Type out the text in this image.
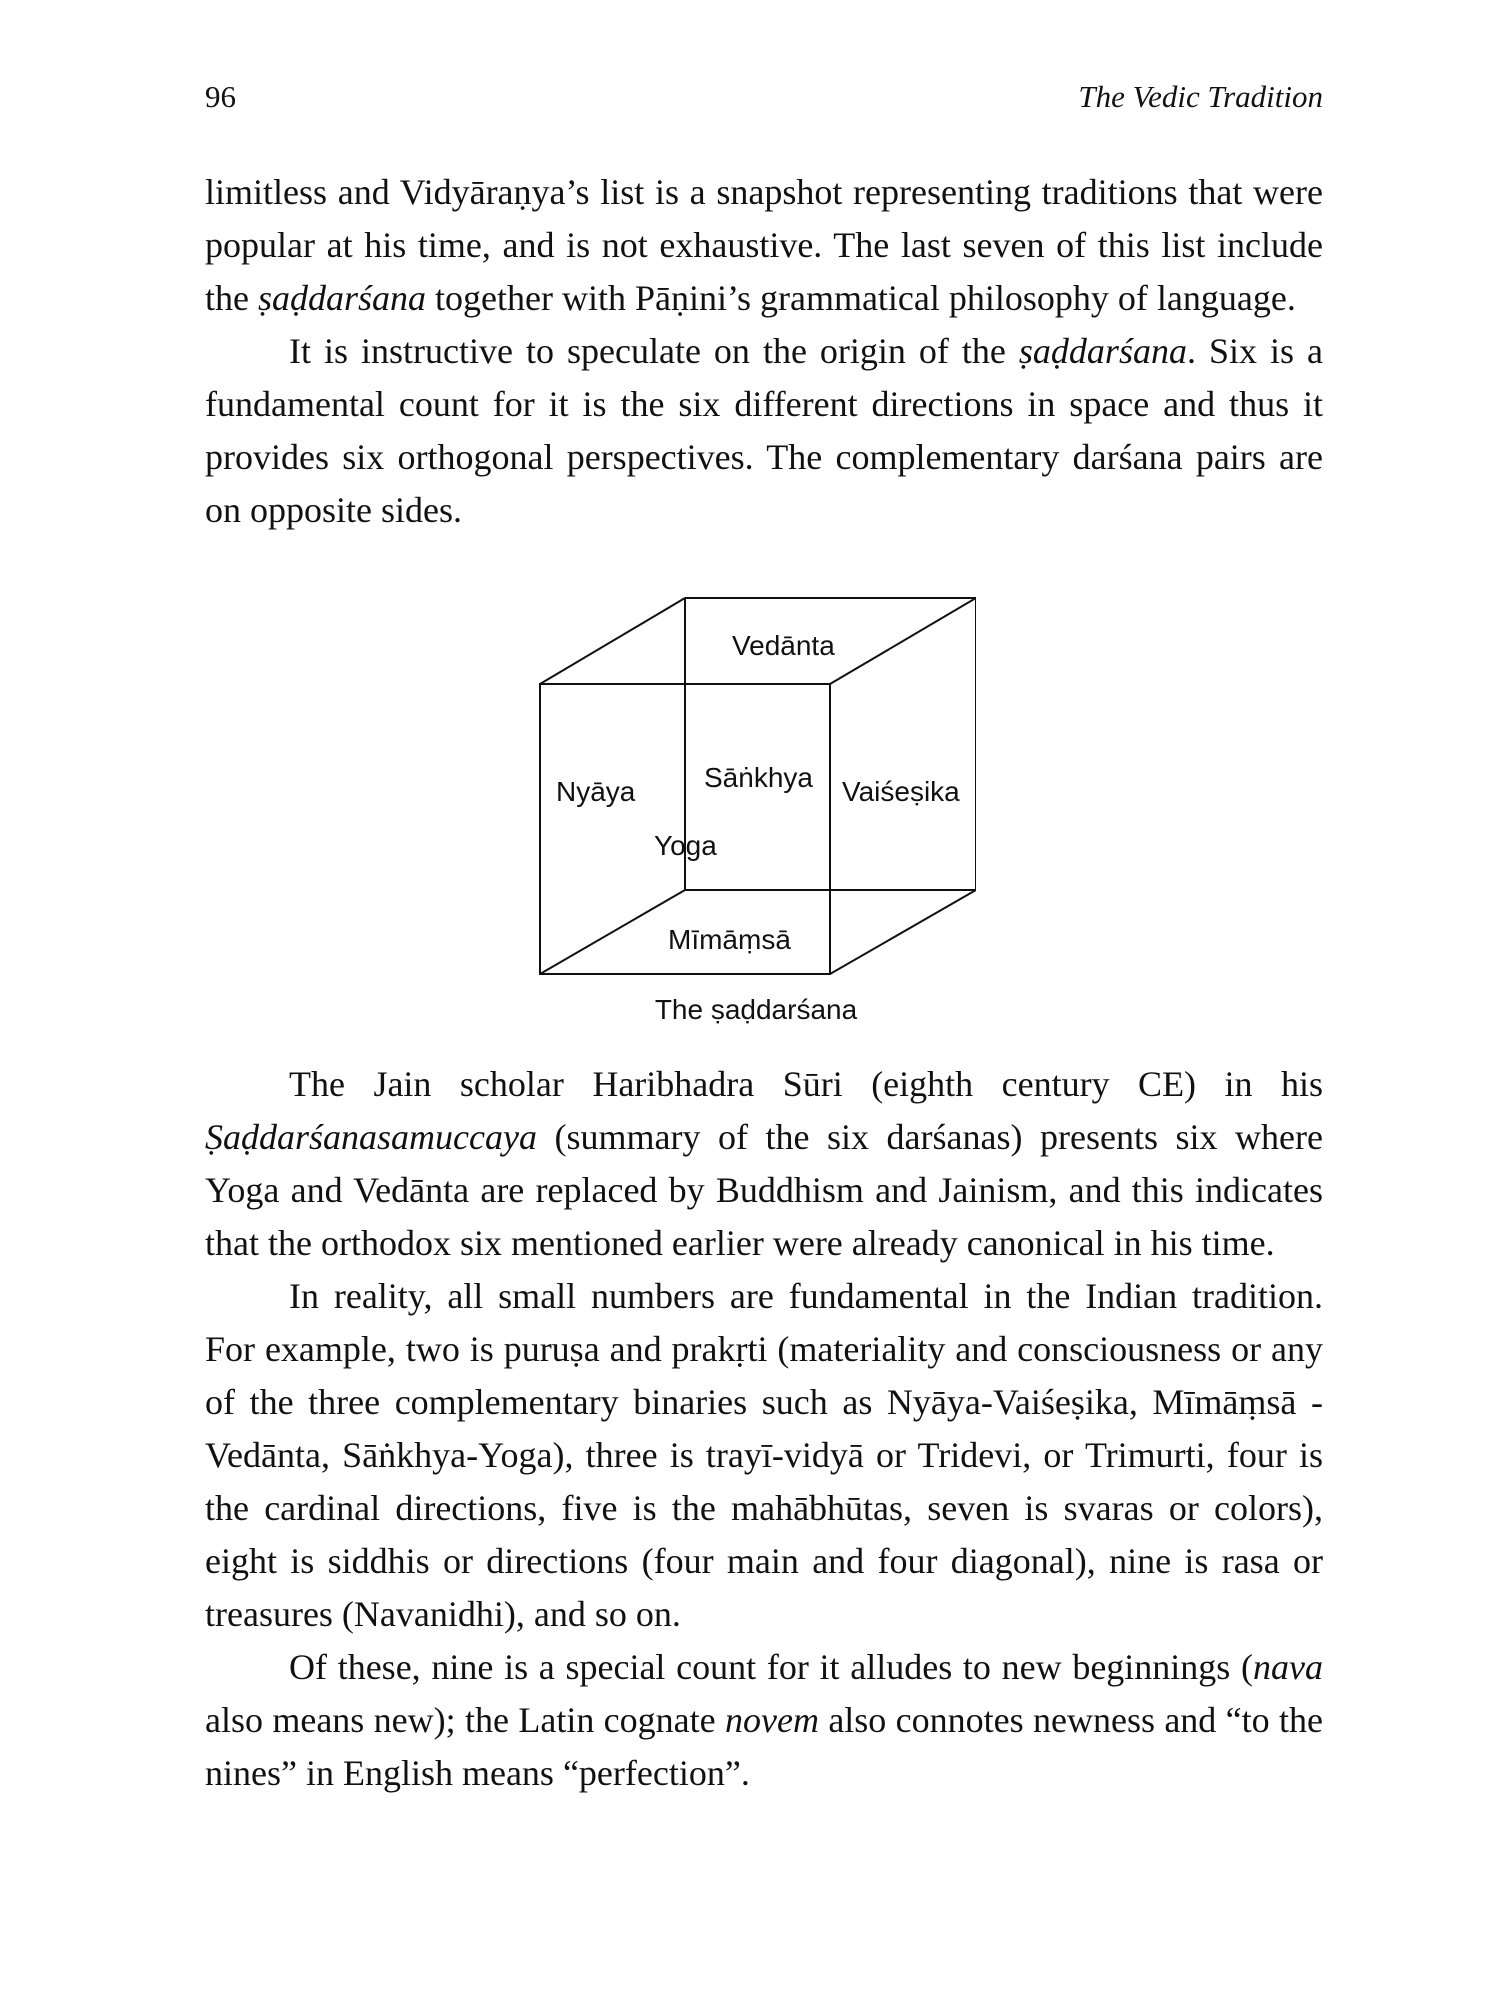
96	The Vedic Tradition

limitless and Vidyāraṇya’s list is a snapshot representing traditions that were popular at his time, and is not exhaustive. The last seven of this list include the ṣaḍdarśana together with Pāṇini’s grammatical philosophy of language.

It is instructive to speculate on the origin of the ṣaḍdarśana. Six is a fundamental count for it is the six different directions in space and thus it provides six orthogonal perspectives. The complementary darśana pairs are on opposite sides.

Vedānta
Nyāya Sāṅkhya Vaiśeṣika
Yoga
Mīmāṃsā
The ṣaḍdarśana

The Jain scholar Haribhadra Sūri (eighth century CE) in his Ṣaḍdarśanasamuccaya (summary of the six darśanas) presents six where Yoga and Vedānta are replaced by Buddhism and Jainism, and this indicates that the orthodox six mentioned earlier were already canonical in his time.

In reality, all small numbers are fundamental in the Indian tradition. For example, two is puruṣa and prakṛti (materiality and consciousness or any of the three complementary binaries such as Nyāya-Vaiśeṣika, Mīmāṃsā - Vedānta, Sāṅkhya-Yoga), three is trayī-vidyā or Tridevi, or Trimurti, four is the cardinal directions, five is the mahābhūtas, seven is svaras or colors), eight is siddhis or directions (four main and four diagonal), nine is rasa or treasures (Navanidhi), and so on.

Of these, nine is a special count for it alludes to new beginnings (nava also means new); the Latin cognate novem also connotes newness and “to the nines” in English means “perfection”.
